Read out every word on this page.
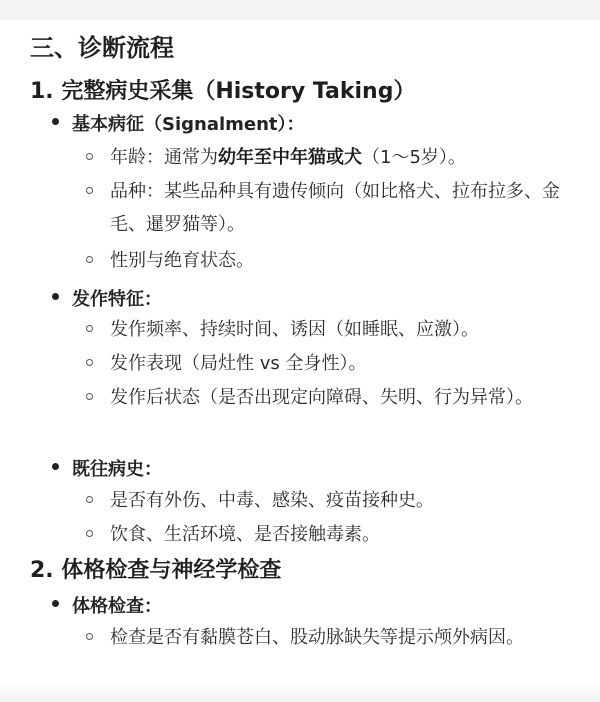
三、诊断流程
1. 完整病史采集（History Taking）
基本病征（Signalment）：
年龄：通常为幼年至中年猫或犬（1～5岁）。
品种：某些品种具有遗传倾向（如比格犬、拉布拉多、金毛、暹罗猫等）。
性别与绝育状态。
发作特征：
发作频率、持续时间、诱因（如睡眠、应激）。
发作表现（局灶性 vs 全身性）。
发作后状态（是否出现定向障碍、失明、行为异常）。
既往病史：
是否有外伤、中毒、感染、疫苗接种史。
饮食、生活环境、是否接触毒素。
2. 体格检查与神经学检查
体格检查：
检查是否有黏膜苍白、股动脉缺失等提示颅外病因。
